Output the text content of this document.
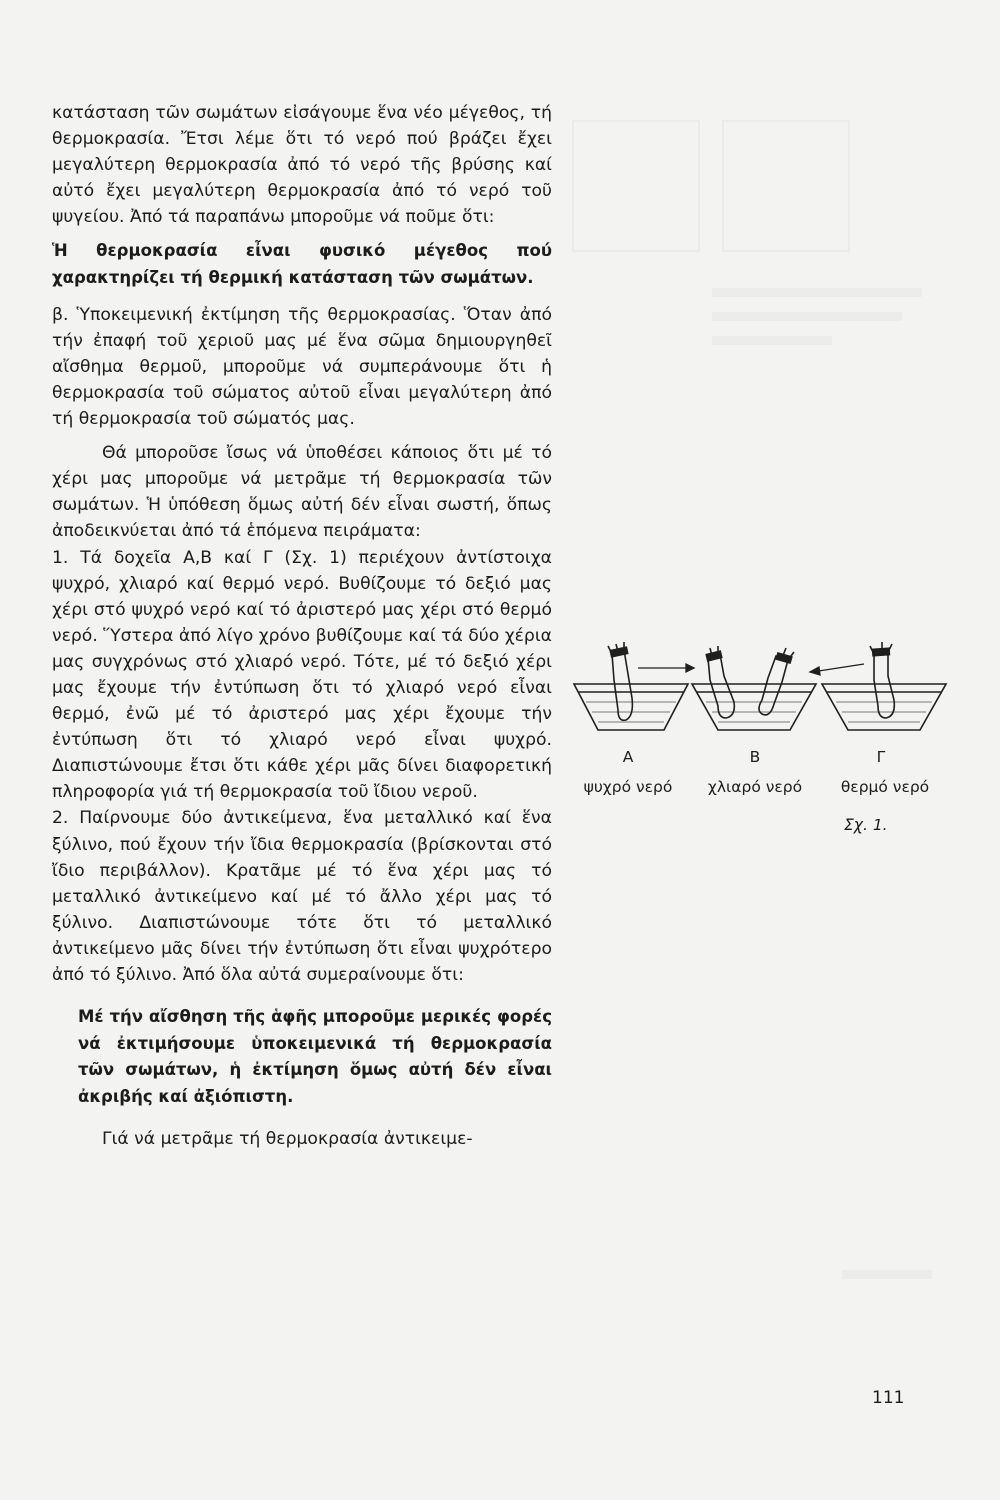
κατάσταση τῶν σωμάτων εἰσάγουμε ἕνα νέο μέγεθος, τή θερμοκρασία. Ἔτσι λέμε ὅτι τό νερό πού βράζει ἔχει μεγαλύτερη θερμοκρασία ἀπό τό νερό τῆς βρύσης καί αὐτό ἔχει μεγαλύτερη θερμοκρασία ἀπό τό νερό τοῦ ψυγείου. Ἀπό τά παραπάνω μποροῦμε νά ποῦμε ὅτι:

Ἡ θερμοκρασία εἶναι φυσικό μέγεθος πού χαρακτηρίζει τή θερμική κατάσταση τῶν σωμάτων.

β. Ὑποκειμενική ἐκτίμηση τῆς θερμοκρασίας. Ὅταν ἀπό τήν ἐπαφή τοῦ χεριοῦ μας μέ ἕνα σῶμα δημιουργηθεῖ αἴσθημα θερμοῦ, μποροῦμε νά συμπεράνουμε ὅτι ἡ θερμοκρασία τοῦ σώματος αὐτοῦ εἶναι μεγαλύτερη ἀπό τή θερμοκρασία τοῦ σώματός μας.

Θά μποροῦσε ἴσως νά ὑποθέσει κάποιος ὅτι μέ τό χέρι μας μποροῦμε νά μετρᾶμε τή θερμοκρασία τῶν σωμάτων. Ἡ ὑπόθεση ὅμως αὐτή δέν εἶναι σωστή, ὅπως ἀποδεικνύεται ἀπό τά ἑπόμενα πειράματα:

1. Τά δοχεῖα Α,Β καί Γ (Σχ. 1) περιέχουν ἀντίστοιχα ψυχρό, χλιαρό καί θερμό νερό. Βυθίζουμε τό δεξιό μας χέρι στό ψυχρό νερό καί τό ἀριστερό μας χέρι στό θερμό νερό. Ὕστερα ἀπό λίγο χρόνο βυθίζουμε καί τά δύο χέρια μας συγχρόνως στό χλιαρό νερό. Τότε, μέ τό δεξιό χέρι μας ἔχουμε τήν ἐντύπωση ὅτι τό χλιαρό νερό εἶναι θερμό, ἐνῶ μέ τό ἀριστερό μας χέρι ἔχουμε τήν ἐντύπωση ὅτι τό χλιαρό νερό εἶναι ψυχρό. Διαπιστώνουμε ἔτσι ὅτι κάθε χέρι μᾶς δίνει διαφορετική πληροφορία γιά τή θερμοκρασία τοῦ ἴδιου νεροῦ.

2. Παίρνουμε δύο ἀντικείμενα, ἕνα μεταλλικό καί ἕνα ξύλινο, πού ἔχουν τήν ἴδια θερμοκρασία (βρίσκονται στό ἴδιο περιβάλλον). Κρατᾶμε μέ τό ἕνα χέρι μας τό μεταλλικό ἀντικείμενο καί μέ τό ἄλλο χέρι μας τό ξύλινο. Διαπιστώνουμε τότε ὅτι τό μεταλλικό ἀντικείμενο μᾶς δίνει τήν ἐντύπωση ὅτι εἶναι ψυχρότερο ἀπό τό ξύλινο. Ἀπό ὅλα αὐτά συμεραίνουμε ὅτι:

Μέ τήν αἴσθηση τῆς ἁφῆς μποροῦμε μερικές φορές νά ἐκτιμήσουμε ὑποκειμενικά τή θερμοκρασία τῶν σωμάτων, ἡ ἐκτίμηση ὅμως αὐτή δέν εἶναι ἀκριβής καί ἀξιόπιστη.

Γιά νά μετρᾶμε τή θερμοκρασία ἀντικειμε-

Α	Β	Γ
ψυχρό νερό	χλιαρό νερό	θερμό νερό
Σχ. 1.
111
